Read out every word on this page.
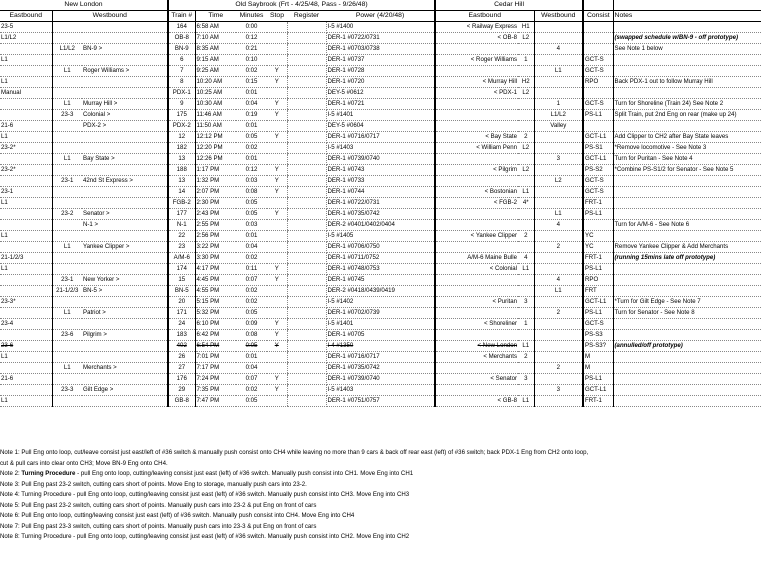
New London			Old Saybrook (Frt - 4/25/48, Pass - 9/26/48)						Cedar Hill				
Eastbound	Westbound		Train #	Time	Minutes	Stop	Register	Power (4/20/48)	Eastbound		Westbound	Consist	Notes
23-5			164	6:58 AM	0:00			I-5 #1400	< Railway Express	H1			
L1/L2			OB-8	7:10 AM	0:12			DER-1 #0722/0731	< OB-8	L2			(swapped schedule w/BN-9 - off prototype)
	L1/L2	BN-9 >	BN-9	8:35 AM	0:21			DER-1 #0703/0738			4		See Note 1 below
L1			6	9:15 AM	0:10			DER-1 #0737	< Roger Williams	1		GCT-S	
	L1	Roger Williams >	7	9:25 AM	0:02	Y		DER-1 #0728			L1	GCT-S	
L1			8	10:20 AM	0:15	Y		DER-1 #0720	< Murray Hill	H2		RPO	Back PDX-1 out to follow Murray Hill
Manual			PDX-1	10:25 AM	0:01			DEY-5 #0612	< PDX-1	L2			
	L1	Murray Hill >	9	10:30 AM	0:04	Y		DER-1 #0721			1	GCT-S	Turn for Shoreline (Train 24) See Note 2
	23-3	Colonial >	175	11:46 AM	0:19	Y		I-5 #1401			L1/L2	PS-L1	Split Train, put 2nd Eng on rear (make up 24)
21-6		PDX-2 >	PDX-2	11:50 AM	0:01			DEY-5 #0604			Valley		
L1			12	12:12 PM	0:05	Y		DER-1 #0716/0717	< Bay State	2		GCT-L1	Add Clipper to CH2 after Bay State leaves
23-2*			182	12:20 PM	0:02			I-5 #1403	< William Penn	L2		PS-S1	*Remove locomotive - See Note 3
	L1	Bay State >	13	12:26 PM	0:01			DER-1 #0739/0740			3	GCT-L1	Turn for Puritan - See Note 4
23-2*			188	1:17 PM	0:12	Y		DER-1 #0743	< Pilgrim	L2		PS-S2	*Combine PS-S1/2 for Senator - See Note 5
	23-1	42nd St Express >	13	1:32 PM	0:03	Y		DER-1 #0733			L2	GCT-S	
23-1			14	2:07 PM	0:08	Y		DER-1 #0744	< Bostonian	L1		GCT-S	
L1			FGB-2	2:30 PM	0:05			DER-1 #0722/0731	< FGB-2	4*		FRT-1	
	23-2	Senator >	177	2:43 PM	0:05	Y		DER-1 #0735/0742			L1	PS-L1	
		N-1 >	N-1	2:55 PM	0:03			DER-2 #0401/0402/0404			4		Turn for A/M-6 - See Note 6
L1			22	2:56 PM	0:01			I-5 #1405	< Yankee Clipper	2		YC	
	L1	Yankee Clipper >	23	3:22 PM	0:04			DER-1 #0706/0750			2	YC	Remove Yankee Clipper & Add Merchants
21-1/2/3			A/M-6	3:30 PM	0:02			DER-1 #0711/0752	A/M-6 Maine Bulle	4		FRT-1	(running 15mins late off prototype)
L1			174	4:17 PM	0:11	Y		DER-1 #0748/0753	< Colonial	L1		PS-L1	
	23-1	New Yorker >	15	4:45 PM	0:07	Y		DER-1 #0745			4	RPO	
	21-1/2/3	BN-5 >	BN-5	4:55 PM	0:02			DER-2 #0418/0439/0419			L1	FRT	
23-3*			20	5:15 PM	0:02			I-5 #1402	< Puritan	3		GCT-L1	*Turn for Gilt Edge - See Note 7
	L1	Patriot >	171	5:32 PM	0:05			DER-1 #0702/0739			2	PS-L1	Turn for Senator - See Note 8
23-4			24	6:10 PM	0:09	Y		I-5 #1401	< Shoreliner	1		GCT-S	
	23-6	Pilgrim >	183	6:42 PM	0:08	Y		DER-1 #0705				PS-S3	
23-6			402	6:54 PM	0:05	Y		I-4 #1350	< New London	L1		PS-S3?	(annulled/off prototype)
L1			26	7:01 PM	0:01			DER-1 #0716/0717	< Merchants	2		M	
	L1	Merchants >	27	7:17 PM	0:04			DER-1 #0735/0742			2	M	
21-6			176	7:24 PM	0:07	Y		DER-1 #0739/0740	< Senator	3		PS-L1	
	23-3	Gilt Edge >	29	7:35 PM	0:02	Y		I-5 #1403			3	GCT-L1	
L1			GB-8	7:47 PM	0:05			DER-1 #0751/0757	< GB-8	L1		FRT-1	
Note 1: Pull Eng onto loop, cut/leave consist just east/left of #36 switch & manually push consist onto CH4 while leaving no more than 9 cars & back off rear east (left) of #36 switch; back PDX-1 Eng from CH2 onto loop,
cut & pull cars into clear onto CH3; Move BN-9 Eng onto CH4.
Note 2: Turning Procedure - pull Eng onto loop, cutting/leaving consist just east (left) of #36 switch. Manually push consist into CH1. Move Eng into CH1
Note 3: Pull Eng past 23-2 switch, cutting cars short of points. Move Eng to storage, manually push cars into 23-2.
Note 4: Turning Procedure - pull Eng onto loop, cutting/leaving consist just east (left) of #36 switch. Manually push consist into CH3. Move Eng into CH3
Note 5: Pull Eng past 23-2 switch, cutting cars short of points. Manually push cars into 23-2 & put Eng on front of cars
Note 6: Pull Eng onto loop, cutting/leaving consist just east (left) of #36 switch. Manually push consist into CH4. Move Eng into CH4
Note 7: Pull Eng past 23-3 switch, cutting cars short of points. Manually push cars into 23-3 & put Eng on front of cars
Note 8: Turning Procedure - pull Eng onto loop, cutting/leaving consist just east (left) of #36 switch. Manually push consist into CH2. Move Eng into CH2
